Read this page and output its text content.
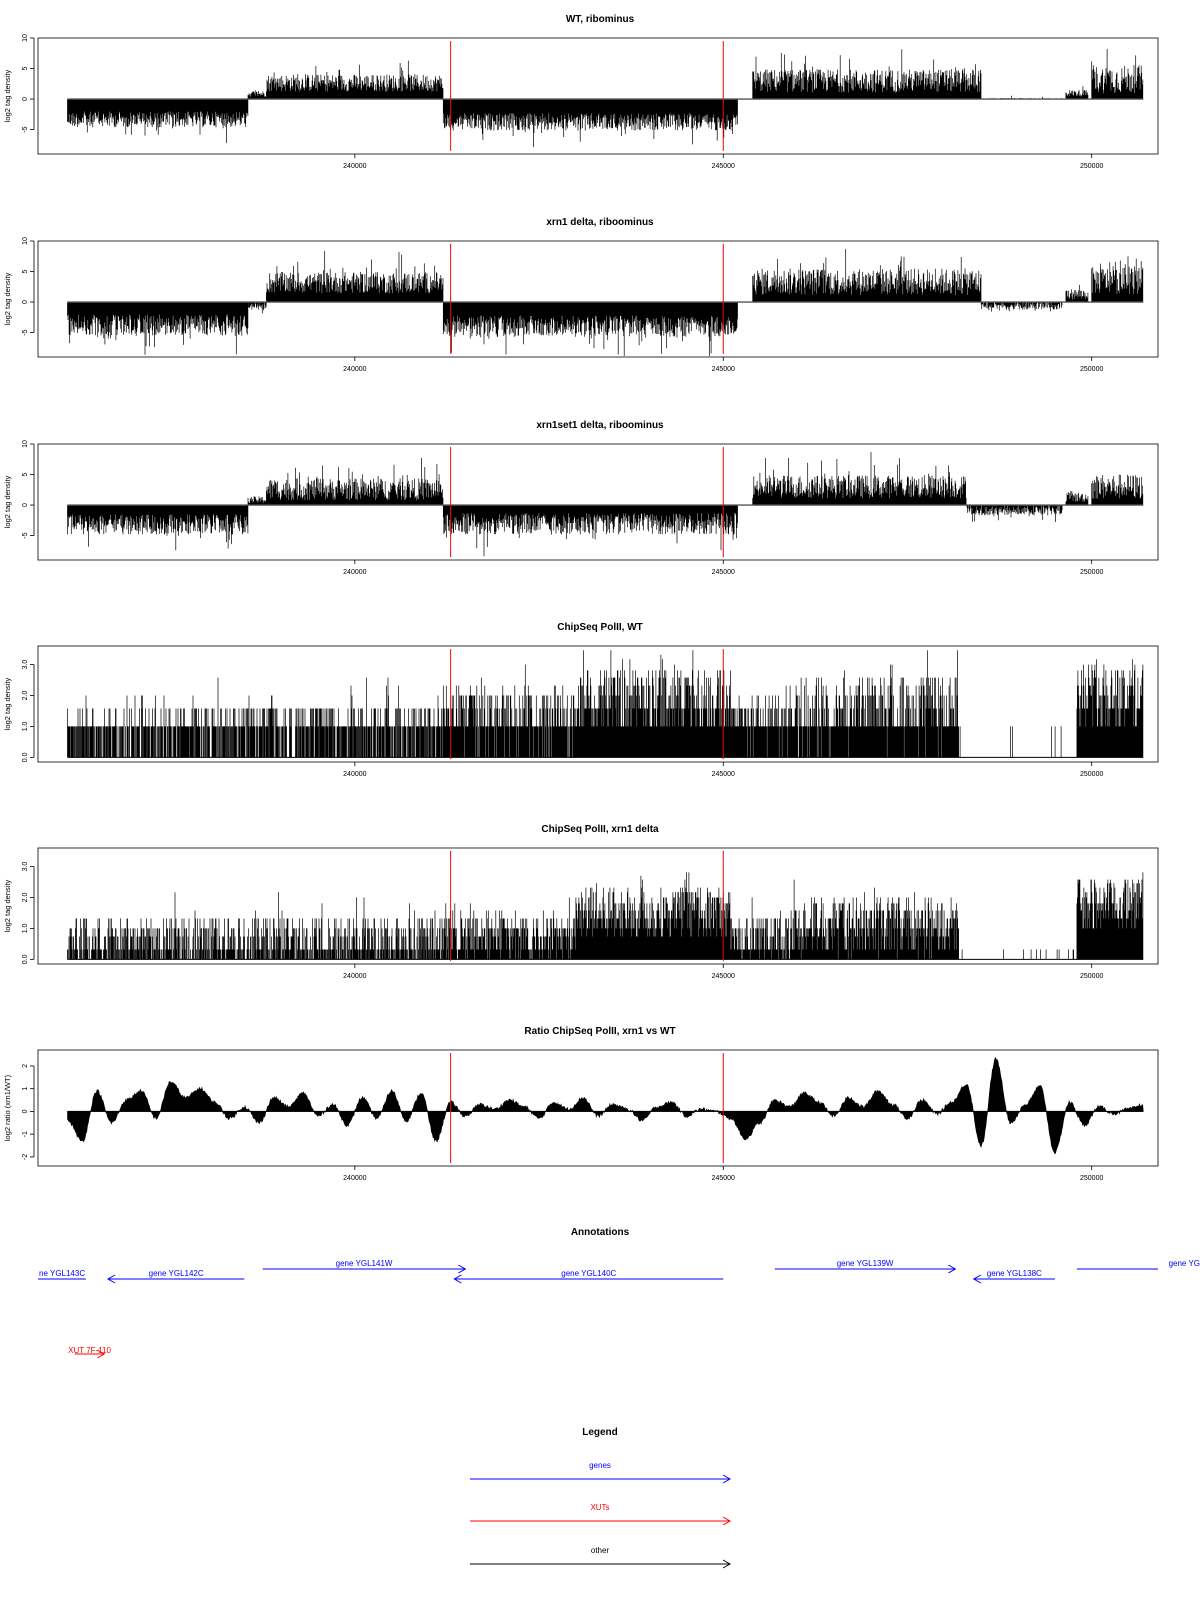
WT, ribominus
log2 tag density
-5
0
5
10
240000	245000	250000
xrn1 delta, riboominus
log2 tag density
-5
0
5
10
240000	245000	250000
xrn1set1 delta, riboominus
log2 tag density
-5
0
5
10
240000	245000	250000
ChipSeq PolII, WT
log2 tag density
0.0
1.0
2.0
3.0
240000	245000	250000
ChipSeq PolII, xrn1 delta
log2 tag density
0.0
1.0
2.0
3.0
240000	245000	250000
Ratio ChipSeq PolII, xrn1 vs WT
log2 ratio (xrn1/WT)
-2
-1
0
1
2
240000	245000	250000
Annotations
ne YGL143C	gene YGL142C
gene YGL141W
gene YGL140C
gene YGL139W
gene YGL138C
gene YG
XUT 7F-110
Legend
genes
XUTs
other
